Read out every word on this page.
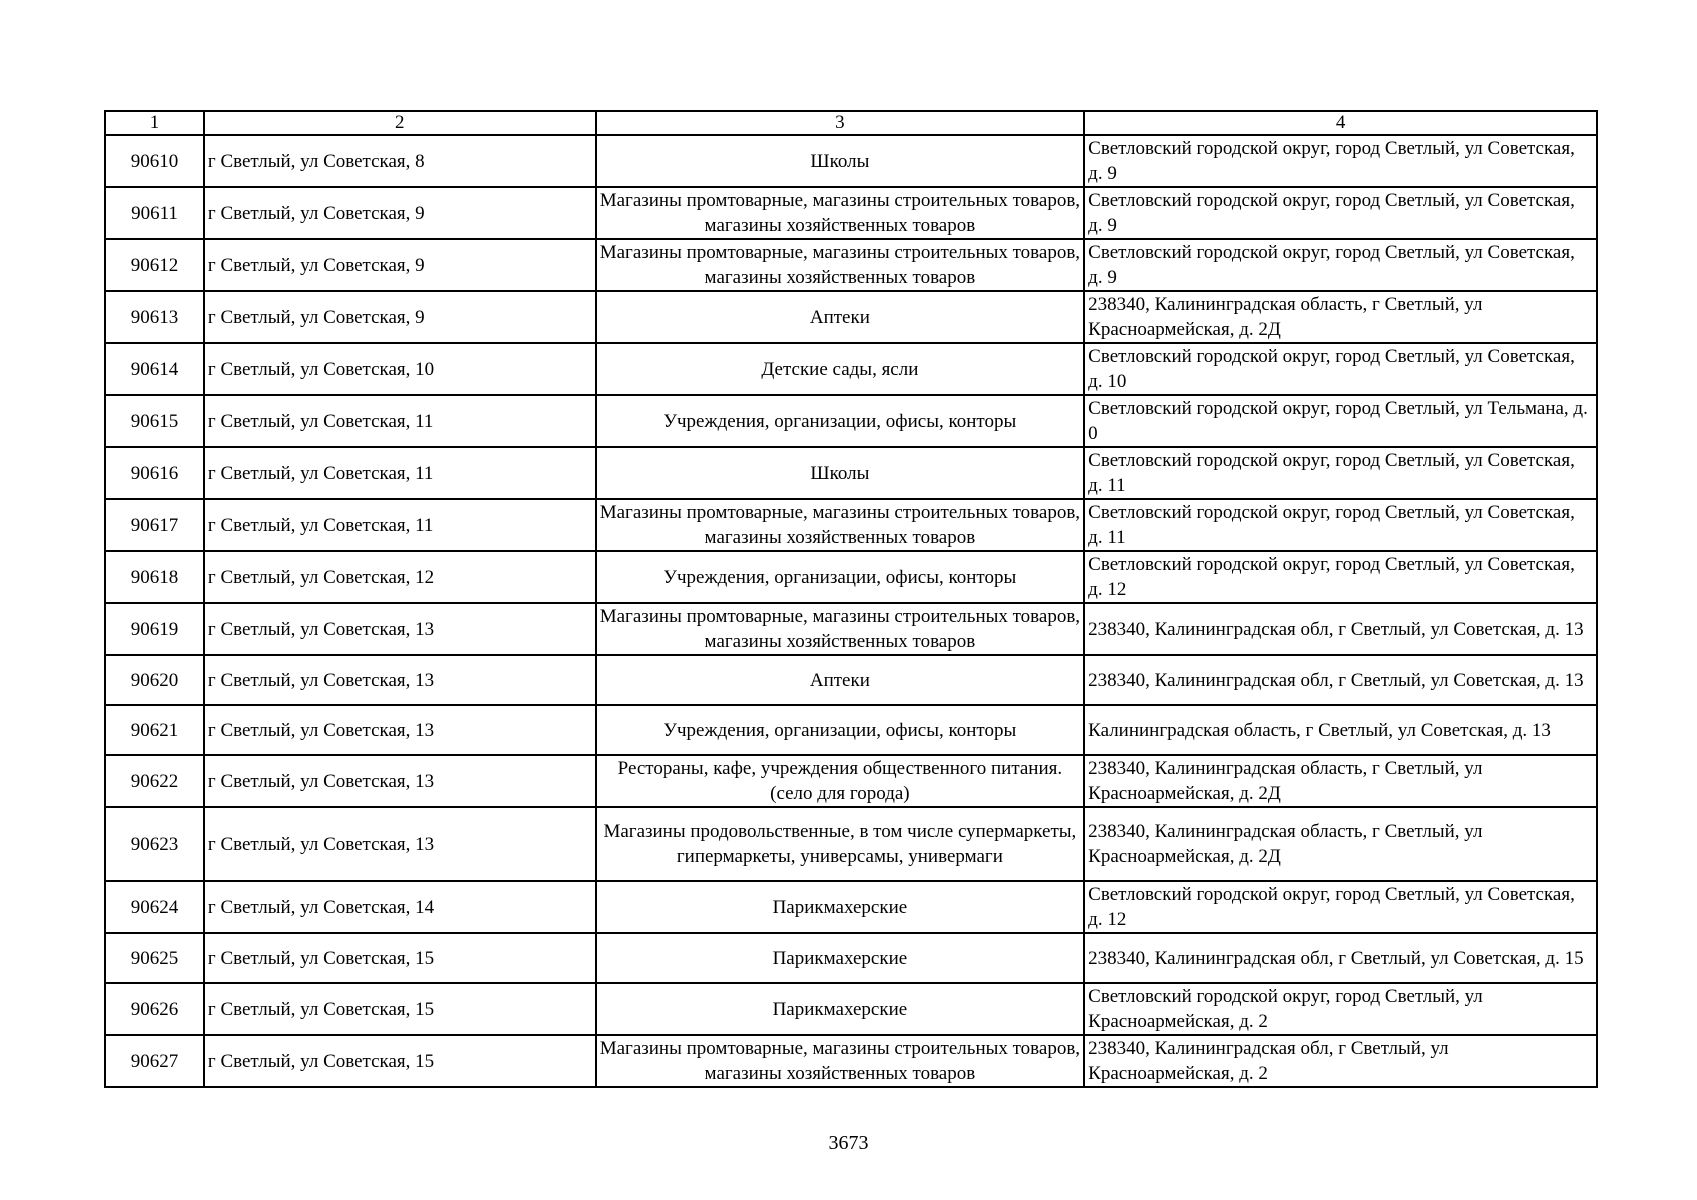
1	2	3	4
90610	г Светлый, ул Советская, 8	Школы	Светловский городской округ, город Светлый, ул Советская, д. 9
90611	г Светлый, ул Советская, 9	Магазины промтоварные, магазины строительных товаров, магазины хозяйственных товаров	Светловский городской округ, город Светлый, ул Советская, д. 9
90612	г Светлый, ул Советская, 9	Магазины промтоварные, магазины строительных товаров, магазины хозяйственных товаров	Светловский городской округ, город Светлый, ул Советская, д. 9
90613	г Светлый, ул Советская, 9	Аптеки	238340, Калининградская область, г Светлый, ул Красноармейская, д. 2Д
90614	г Светлый, ул Советская, 10	Детские сады, ясли	Светловский городской округ, город Светлый, ул Советская, д. 10
90615	г Светлый, ул Советская, 11	Учреждения, организации, офисы, конторы	Светловский городской округ, город Светлый, ул Тельмана, д. 0
90616	г Светлый, ул Советская, 11	Школы	Светловский городской округ, город Светлый, ул Советская, д. 11
90617	г Светлый, ул Советская, 11	Магазины промтоварные, магазины строительных товаров, магазины хозяйственных товаров	Светловский городской округ, город Светлый, ул Советская, д. 11
90618	г Светлый, ул Советская, 12	Учреждения, организации, офисы, конторы	Светловский городской округ, город Светлый, ул Советская, д. 12
90619	г Светлый, ул Советская, 13	Магазины промтоварные, магазины строительных товаров, магазины хозяйственных товаров	238340, Калининградская обл, г Светлый, ул Советская, д. 13
90620	г Светлый, ул Советская, 13	Аптеки	238340, Калининградская обл, г Светлый, ул Советская, д. 13
90621	г Светлый, ул Советская, 13	Учреждения, организации, офисы, конторы	Калининградская область, г Светлый, ул Советская, д. 13
90622	г Светлый, ул Советская, 13	Рестораны, кафе, учреждения общественного питания. (село для города)	238340, Калининградская область, г Светлый, ул Красноармейская, д. 2Д
90623	г Светлый, ул Советская, 13	Магазины продовольственные, в том числе супермаркеты, гипермаркеты, универсамы, универмаги	238340, Калининградская область, г Светлый, ул Красноармейская, д. 2Д
90624	г Светлый, ул Советская, 14	Парикмахерские	Светловский городской округ, город Светлый, ул Советская, д. 12
90625	г Светлый, ул Советская, 15	Парикмахерские	238340, Калининградская обл, г Светлый, ул Советская, д. 15
90626	г Светлый, ул Советская, 15	Парикмахерские	Светловский городской округ, город Светлый, ул Красноармейская, д. 2
90627	г Светлый, ул Советская, 15	Магазины промтоварные, магазины строительных товаров, магазины хозяйственных товаров	238340, Калининградская обл, г Светлый, ул Красноармейская, д. 2
3673
